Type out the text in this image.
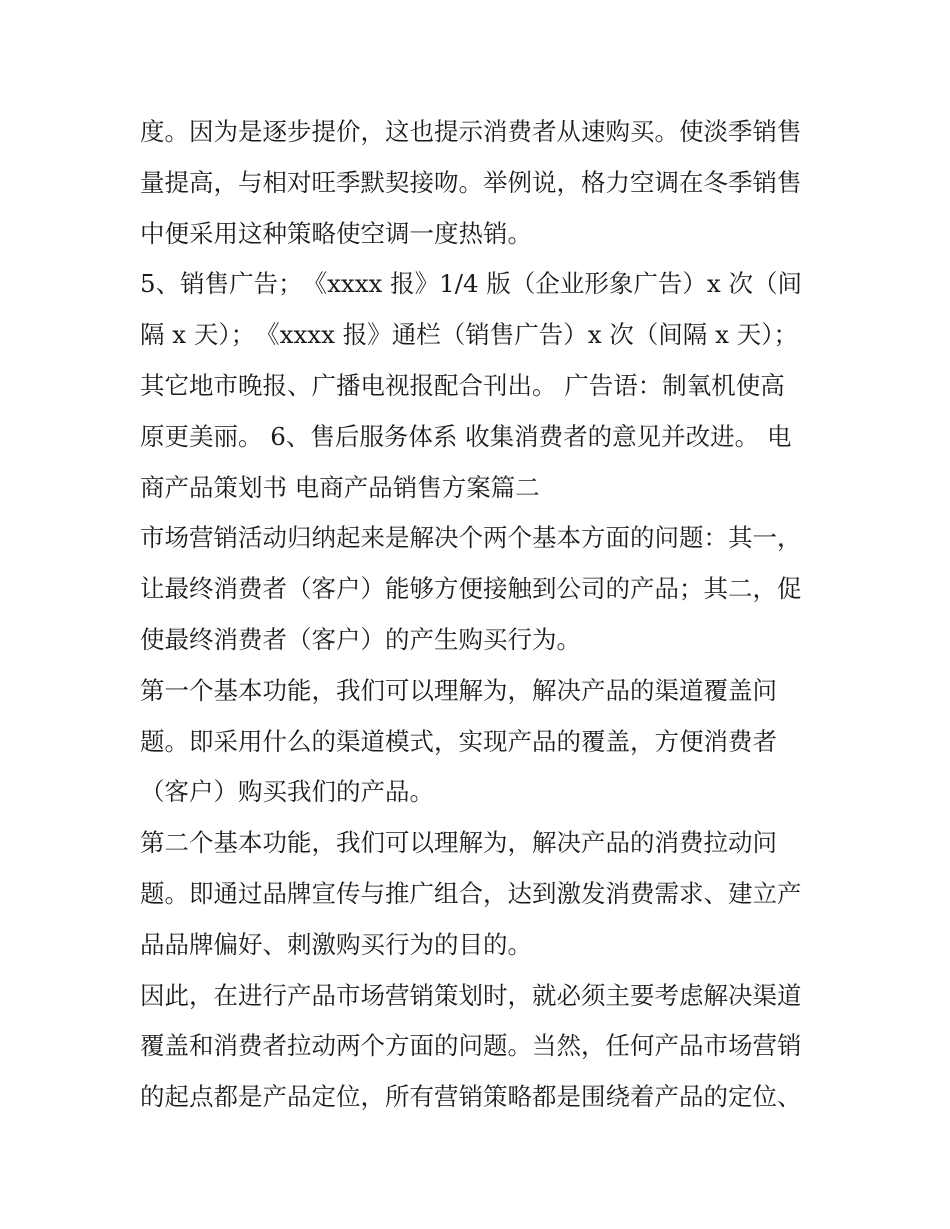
度。因为是逐步提价，这也提示消费者从速购买。使淡季销售
量提高，与相对旺季默契接吻。举例说，格力空调在冬季销售
中便采用这种策略使空调一度热销。

5、销售广告；　《xxxx 报》1/4 版（企业形象广告）x 次（间
隔 x 天）；　《xxxx 报》通栏（销售广告）x 次（间隔 x 天）；
其它地市晚报、广播电视报配合刊出。 广告语：制氧机使高
原更美丽。 6、售后服务体系 收集消费者的意见并改进。 电
商产品策划书 电商产品销售方案篇二

市场营销活动归纳起来是解决个两个基本方面的问题：其一，
让最终消费者（客户）能够方便接触到公司的产品；其二，促
使最终消费者（客户）的产生购买行为。

第一个基本功能，我们可以理解为，解决产品的渠道覆盖问
题。即采用什么的渠道模式，实现产品的覆盖，方便消费者
（客户）购买我们的产品。

第二个基本功能，我们可以理解为，解决产品的消费拉动问
题。即通过品牌宣传与推广组合，达到激发消费需求、建立产
品品牌偏好、刺激购买行为的目的。

因此，在进行产品市场营销策划时，就必须主要考虑解决渠道
覆盖和消费者拉动两个方面的问题。当然，任何产品市场营销
的起点都是产品定位，所有营销策略都是围绕着产品的定位、
